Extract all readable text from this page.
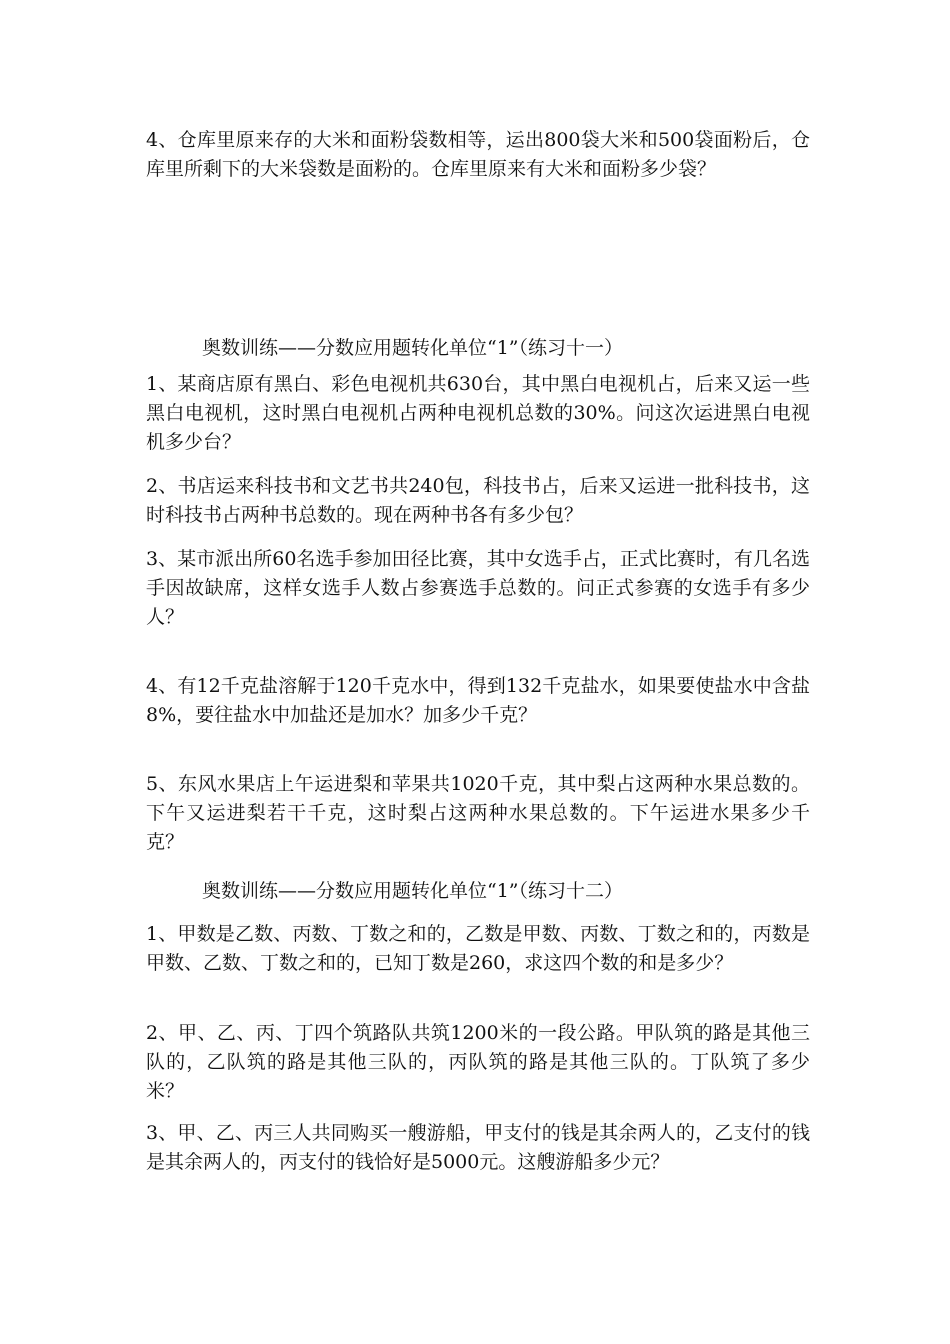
4、仓库里原来存的大米和面粉袋数相等，运出800袋大米和500袋面粉后，仓库里所剩下的大米袋数是面粉的。仓库里原来有大米和面粉多少袋？

奥数训练——分数应用题转化单位“1”（练习十一）

1、某商店原有黑白、彩色电视机共630台，其中黑白电视机占，后来又运一些黑白电视机，这时黑白电视机占两种电视机总数的30%。问这次运进黑白电视机多少台？

2、书店运来科技书和文艺书共240包，科技书占，后来又运进一批科技书，这时科技书占两种书总数的。现在两种书各有多少包？

3、某市派出所60名选手参加田径比赛，其中女选手占，正式比赛时，有几名选手因故缺席，这样女选手人数占参赛选手总数的。问正式参赛的女选手有多少人？

4、有12千克盐溶解于120千克水中，得到132千克盐水，如果要使盐水中含盐8%，要往盐水中加盐还是加水？加多少千克？

5、东风水果店上午运进梨和苹果共1020千克，其中梨占这两种水果总数的。下午又运进梨若干千克，这时梨占这两种水果总数的。下午运进水果多少千克？

奥数训练——分数应用题转化单位“1”（练习十二）

1、甲数是乙数、丙数、丁数之和的，乙数是甲数、丙数、丁数之和的，丙数是甲数、乙数、丁数之和的，已知丁数是260，求这四个数的和是多少？

2、甲、乙、丙、丁四个筑路队共筑1200米的一段公路。甲队筑的路是其他三队的，乙队筑的路是其他三队的，丙队筑的路是其他三队的。丁队筑了多少米？

3、甲、乙、丙三人共同购买一艘游船，甲支付的钱是其余两人的，乙支付的钱是其余两人的，丙支付的钱恰好是5000元。这艘游船多少元？
